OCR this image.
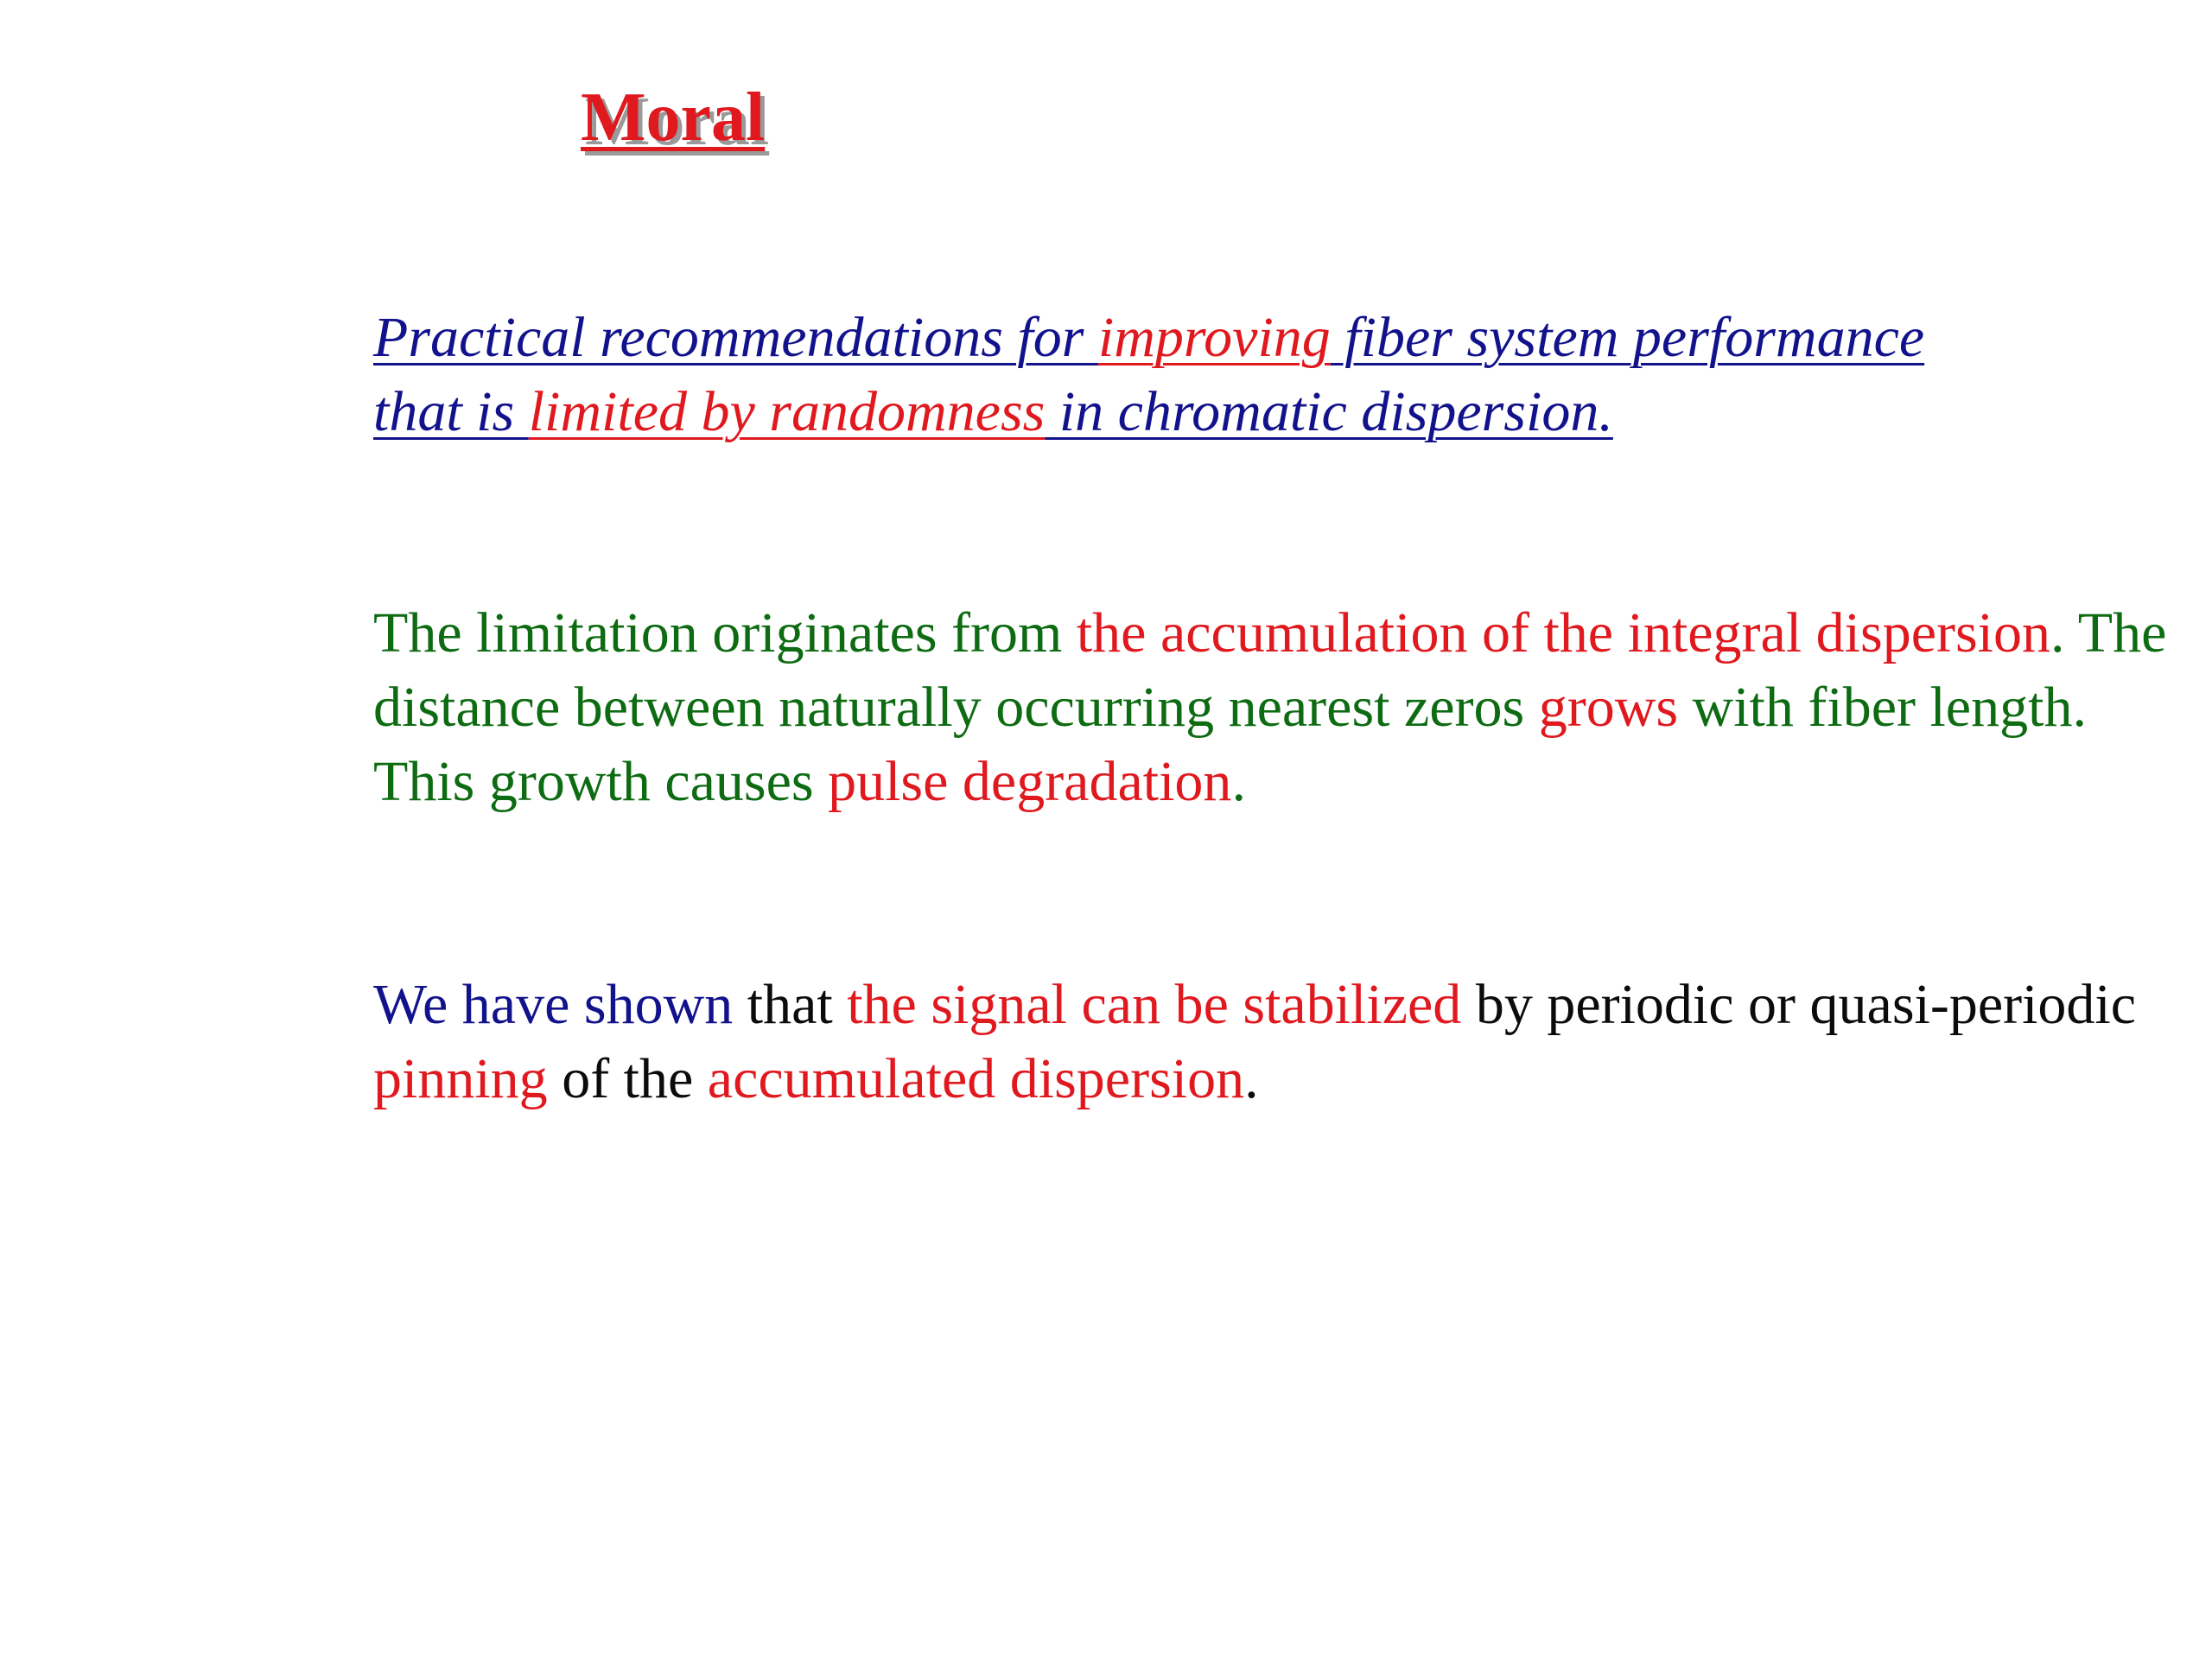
Moral
Practical recommendations for improving fiber system performance
that is limited by randomness in chromatic dispersion.
The limitation originates from the accumulation of the integral dispersion. The distance between naturally occurring nearest zeros grows with fiber length. This growth causes pulse degradation.
We have shown that the signal can be stabilized by periodic or quasi-periodic pinning of the accumulated dispersion.
